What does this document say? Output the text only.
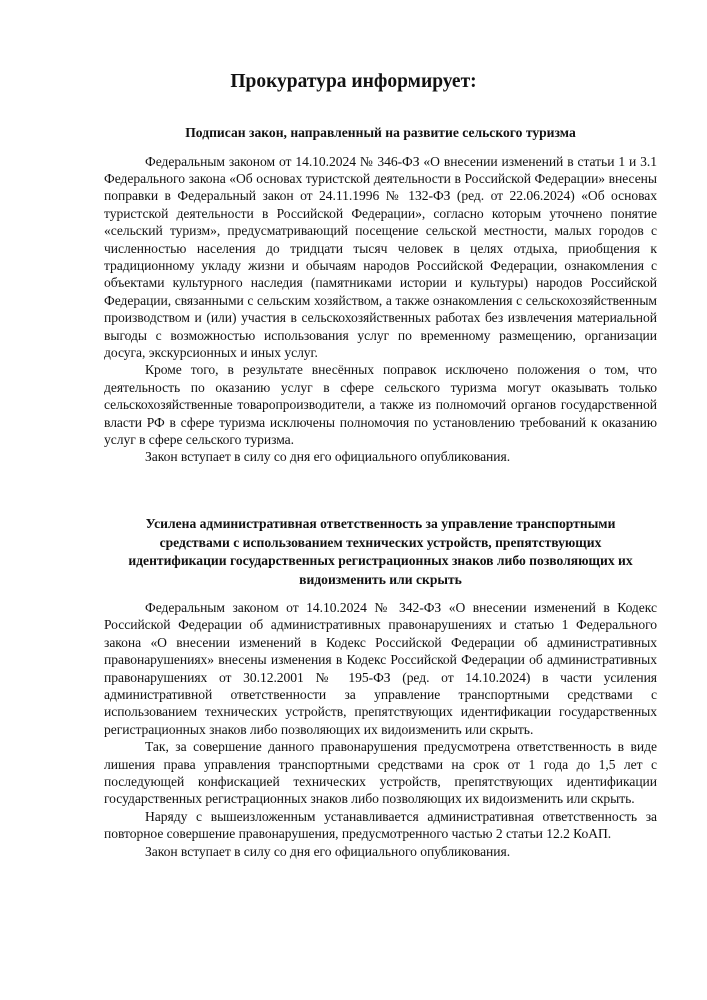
Прокуратура информирует:
Подписан закон, направленный на развитие сельского туризма

Федеральным законом от 14.10.2024 № 346-ФЗ «О внесении изменений в статьи 1 и 3.1 Федерального закона «Об основах туристской деятельности в Российской Федерации» внесены поправки в Федеральный закон от 24.11.1996 № 132-ФЗ (ред. от 22.06.2024) «Об основах туристской деятельности в Российской Федерации», согласно которым уточнено понятие «сельский туризм», предусматривающий посещение сельской местности, малых городов с численностью населения до тридцати тысяч человек в целях отдыха, приобщения к традиционному укладу жизни и обычаям народов Российской Федерации, ознакомления с объектами культурного наследия (памятниками истории и культуры) народов Российской Федерации, связанными с сельским хозяйством, а также ознакомления с сельскохозяйственным производством и (или) участия в сельскохозяйственных работах без извлечения материальной выгоды с возможностью использования услуг по временному размещению, организации досуга, экскурсионных и иных услуг.

Кроме того, в результате внесённых поправок исключено положения о том, что деятельность по оказанию услуг в сфере сельского туризма могут оказывать только сельскохозяйственные товаропроизводители, а также из полномочий органов государственной власти РФ в сфере туризма исключены полномочия по установлению требований к оказанию услуг в сфере сельского туризма.

Закон вступает в силу со дня его официального опубликования.

Усилена административная ответственность за управление транспортными средствами с использованием технических устройств, препятствующих идентификации государственных регистрационных знаков либо позволяющих их видоизменить или скрыть

Федеральным законом от 14.10.2024 № 342-ФЗ «О внесении изменений в Кодекс Российской Федерации об административных правонарушениях и статью 1 Федерального закона «О внесении изменений в Кодекс Российской Федерации об административных правонарушениях» внесены изменения в Кодекс Российской Федерации об административных правонарушениях от 30.12.2001 № 195-ФЗ (ред. от 14.10.2024) в части усиления административной ответственности за управление транспортными средствами с использованием технических устройств, препятствующих идентификации государственных регистрационных знаков либо позволяющих их видоизменить или скрыть.

Так, за совершение данного правонарушения предусмотрена ответственность в виде лишения права управления транспортными средствами на срок от 1 года до 1,5 лет с последующей конфискацией технических устройств, препятствующих идентификации государственных регистрационных знаков либо позволяющих их видоизменить или скрыть.

Наряду с вышеизложенным устанавливается административная ответственность за повторное совершение правонарушения, предусмотренного частью 2 статьи 12.2 КоАП.

Закон вступает в силу со дня его официального опубликования.
